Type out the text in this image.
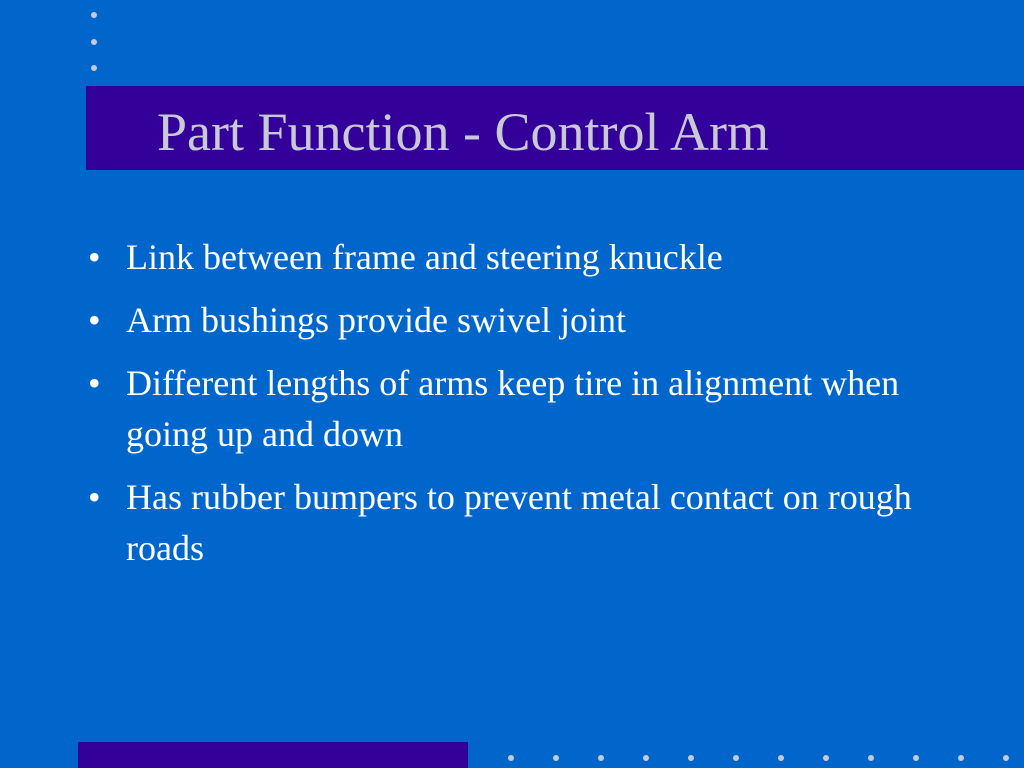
Part Function - Control Arm
• Link between frame and steering knuckle
• Arm bushings provide swivel joint
• Different lengths of arms keep tire in alignment when going up and down
• Has rubber bumpers to prevent metal contact on rough roads
